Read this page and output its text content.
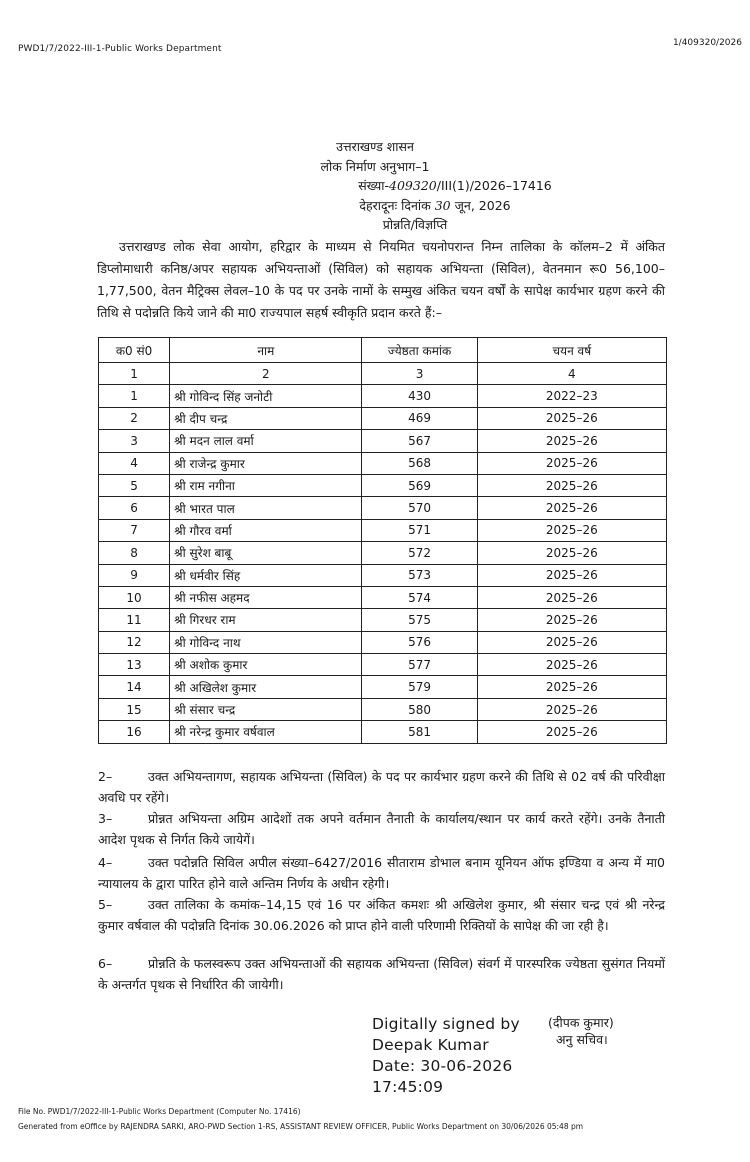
PWD1/7/2022-III-1-Public Works Department
1/409320/2026
उत्तराखण्ड शासन
लोक निर्माण अनुभाग–1
संख्या-409320/III(1)/2026–17416
देहरादूनः दिनांक 30 जून, 2026
प्रोन्नति/विज्ञप्ति

उत्तराखण्ड लोक सेवा आयोग, हरिद्वार के माध्यम से नियमित चयनोपरान्त निम्न तालिका के कॉलम–2 में अंकित डिप्लोमाधारी कनिष्ठ/अपर सहायक अभियन्ताओं (सिविल) को सहायक अभियन्ता (सिविल), वेतनमान रू0 56,100–1,77,500, वेतन मैट्रिक्स लेवल–10 के पद पर उनके नामों के सम्मुख अंकित चयन वर्षों के सापेक्ष कार्यभार ग्रहण करने की तिथि से पदोन्नति किये जाने की मा0 राज्यपाल सहर्ष स्वीकृति प्रदान करते हैं:–

क0 सं0	नाम	ज्येष्ठता कमांक	चयन वर्ष
1	2	3	4
1	श्री गोविन्द सिंह जनोटी	430	2022–23
2	श्री दीप चन्द्र	469	2025–26
3	श्री मदन लाल वर्मा	567	2025–26
4	श्री राजेन्द्र कुमार	568	2025–26
5	श्री राम नगीना	569	2025–26
6	श्री भारत पाल	570	2025–26
7	श्री गौरव वर्मा	571	2025–26
8	श्री सुरेश बाबू	572	2025–26
9	श्री धर्मवीर सिंह	573	2025–26
10	श्री नफीस अहमद	574	2025–26
11	श्री गिरधर राम	575	2025–26
12	श्री गोविन्द नाथ	576	2025–26
13	श्री अशोक कुमार	577	2025–26
14	श्री अखिलेश कुमार	579	2025–26
15	श्री संसार चन्द्र	580	2025–26
16	श्री नरेन्द्र कुमार वर्षवाल	581	2025–26
2–	उक्त अभियन्तागण, सहायक अभियन्ता (सिविल) के पद पर कार्यभार ग्रहण करने की तिथि से 02 वर्ष की परिवीक्षा अवधि पर रहेंगे।
3–	प्रोन्नत अभियन्ता अग्रिम आदेशों तक अपने वर्तमान तैनाती के कार्यालय/स्थान पर कार्य करते रहेंगे। उनके तैनाती आदेश पृथक से निर्गत किये जायेगें।
4–	उक्त पदोन्नति सिविल अपील संख्या–6427/2016 सीताराम डोभाल बनाम यूनियन ऑफ इण्डिया व अन्य में मा0 न्यायालय के द्वारा पारित होने वाले अन्तिम निर्णय के अधीन रहेगी।
5–	उक्त तालिका के कमांक–14,15 एवं 16 पर अंकित कमशः श्री अखिलेश कुमार, श्री संसार चन्द्र एवं श्री नरेन्द्र कुमार वर्षवाल की पदोन्नति दिनांक 30.06.2026 को प्राप्त होने वाली परिणामी रिक्तियों के सापेक्ष की जा रही है।
6–	प्रोन्नति के फलस्वरूप उक्त अभियन्ताओं की सहायक अभियन्ता (सिविल) संवर्ग में पारस्परिक ज्येष्ठता सुसंगत नियमों के अन्तर्गत पृथक से निर्धारित की जायेगी।
Digitally signed by
Deepak Kumar
Date: 30-06-2026
17:45:09
(दीपक कुमार)
अनु सचिव।
File No. PWD1/7/2022-III-1-Public Works Department (Computer No. 17416)
Generated from eOffice by RAJENDRA SARKI, ARO-PWD Section 1-RS, ASSISTANT REVIEW OFFICER, Public Works Department on 30/06/2026 05:48 pm
